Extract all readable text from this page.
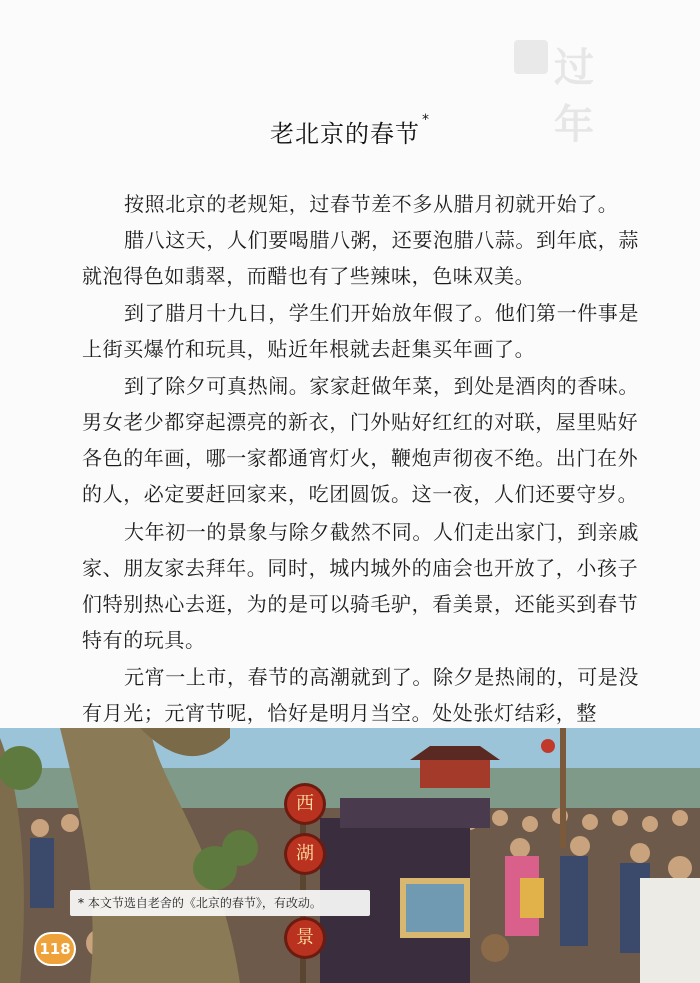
过年
老北京的春节 *

按照北京的老规矩，过春节差不多从腊月初就开始了。

腊八这天，人们要喝腊八粥，还要泡腊八蒜。到年底，蒜就泡得色如翡翠，而醋也有了些辣味，色味双美。

到了腊月十九日，学生们开始放年假了。他们第一件事是上街买爆竹和玩具，贴近年根就去赶集买年画了。

到了除夕可真热闹。家家赶做年菜，到处是酒肉的香味。男女老少都穿起漂亮的新衣，门外贴好红红的对联，屋里贴好各色的年画，哪一家都通宵灯火，鞭炮声彻夜不绝。出门在外的人，必定要赶回家来，吃团圆饭。这一夜，人们还要守岁。

大年初一的景象与除夕截然不同。人们走出家门，到亲戚家、朋友家去拜年。同时，城内城外的庙会也开放了，小孩子们特别热心去逛，为的是可以骑毛驴，看美景，还能买到春节特有的玩具。

元宵一上市，春节的高潮就到了。除夕是热闹的，可是没有月光；元宵节呢，恰好是明月当空。处处张灯结彩，整

西
湖
景
* 本文节选自老舍的《北京的春节》，有改动。
118
